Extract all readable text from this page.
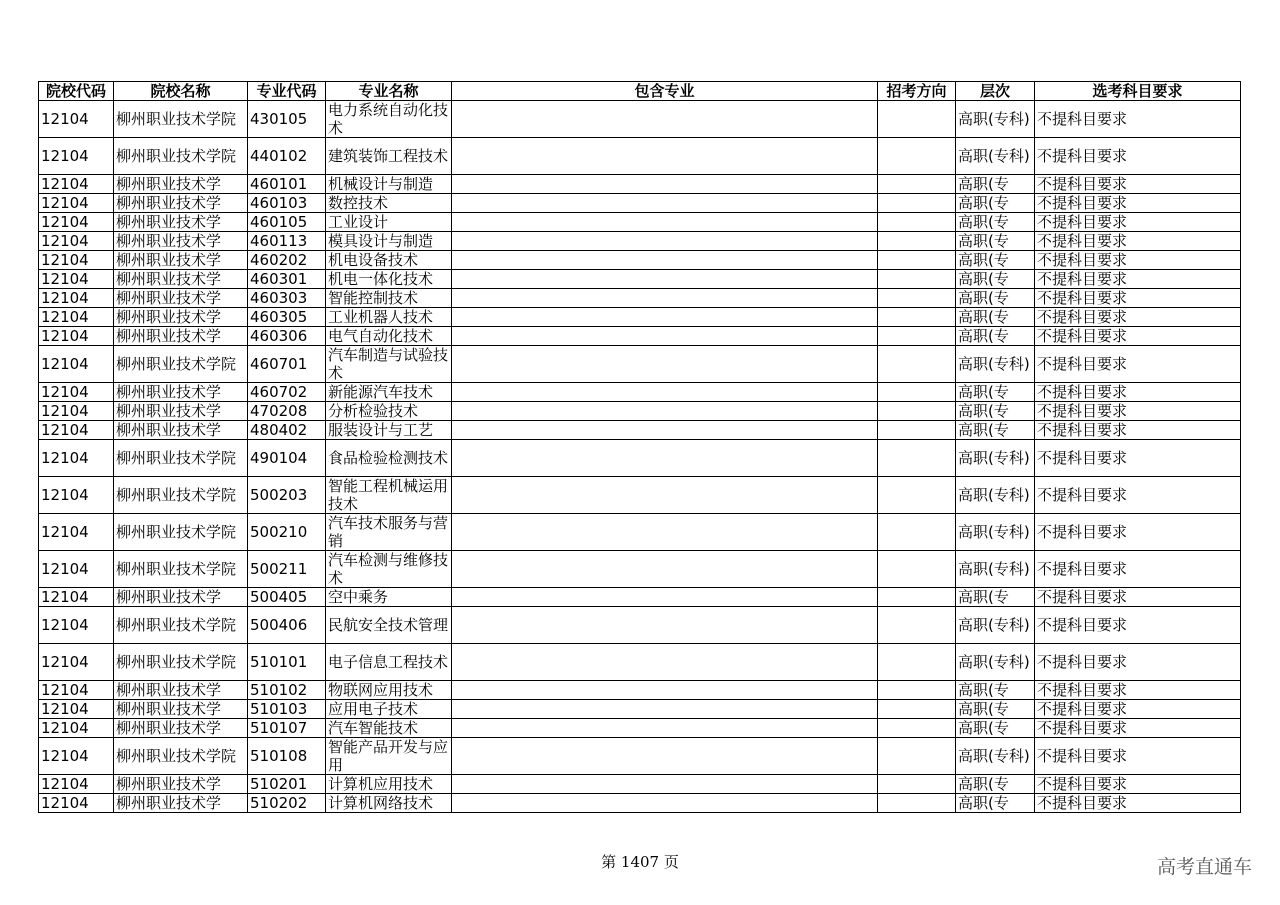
院校代码	院校名称	专业代码	专业名称	包含专业	招考方向	层次	选考科目要求
12104	柳州职业技术学院	430105	电力系统自动化技术			高职(专科)	不提科目要求
12104	柳州职业技术学院	440102	建筑装饰工程技术			高职(专科)	不提科目要求
12104	柳州职业技术学	460101	机械设计与制造			高职(专	不提科目要求
12104	柳州职业技术学	460103	数控技术			高职(专	不提科目要求
12104	柳州职业技术学	460105	工业设计			高职(专	不提科目要求
12104	柳州职业技术学	460113	模具设计与制造			高职(专	不提科目要求
12104	柳州职业技术学	460202	机电设备技术			高职(专	不提科目要求
12104	柳州职业技术学	460301	机电一体化技术			高职(专	不提科目要求
12104	柳州职业技术学	460303	智能控制技术			高职(专	不提科目要求
12104	柳州职业技术学	460305	工业机器人技术			高职(专	不提科目要求
12104	柳州职业技术学	460306	电气自动化技术			高职(专	不提科目要求
12104	柳州职业技术学院	460701	汽车制造与试验技术			高职(专科)	不提科目要求
12104	柳州职业技术学	460702	新能源汽车技术			高职(专	不提科目要求
12104	柳州职业技术学	470208	分析检验技术			高职(专	不提科目要求
12104	柳州职业技术学	480402	服装设计与工艺			高职(专	不提科目要求
12104	柳州职业技术学院	490104	食品检验检测技术			高职(专科)	不提科目要求
12104	柳州职业技术学院	500203	智能工程机械运用技术			高职(专科)	不提科目要求
12104	柳州职业技术学院	500210	汽车技术服务与营销			高职(专科)	不提科目要求
12104	柳州职业技术学院	500211	汽车检测与维修技术			高职(专科)	不提科目要求
12104	柳州职业技术学	500405	空中乘务			高职(专	不提科目要求
12104	柳州职业技术学院	500406	民航安全技术管理			高职(专科)	不提科目要求
12104	柳州职业技术学院	510101	电子信息工程技术			高职(专科)	不提科目要求
12104	柳州职业技术学	510102	物联网应用技术			高职(专	不提科目要求
12104	柳州职业技术学	510103	应用电子技术			高职(专	不提科目要求
12104	柳州职业技术学	510107	汽车智能技术			高职(专	不提科目要求
12104	柳州职业技术学院	510108	智能产品开发与应用			高职(专科)	不提科目要求
12104	柳州职业技术学	510201	计算机应用技术			高职(专	不提科目要求
12104	柳州职业技术学	510202	计算机网络技术			高职(专	不提科目要求
第 1407 页	高考直通车
